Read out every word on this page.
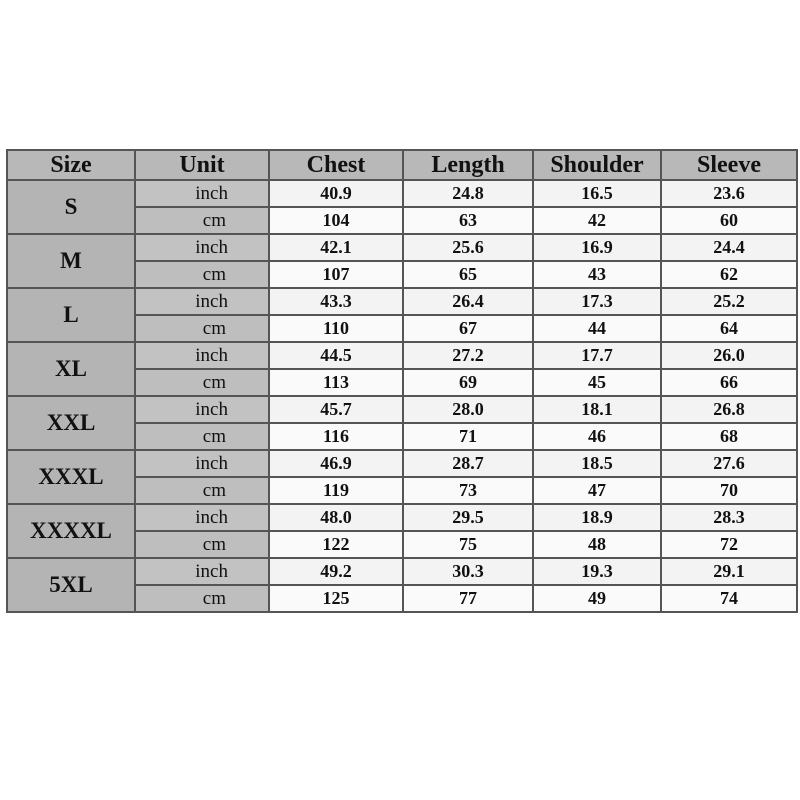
Size	Unit	Chest	Length	Shoulder	Sleeve
S	inch	40.9	24.8	16.5	23.6
	cm	104	63	42	60
M	inch	42.1	25.6	16.9	24.4
	cm	107	65	43	62
L	inch	43.3	26.4	17.3	25.2
	cm	110	67	44	64
XL	inch	44.5	27.2	17.7	26.0
	cm	113	69	45	66
XXL	inch	45.7	28.0	18.1	26.8
	cm	116	71	46	68
XXXL	inch	46.9	28.7	18.5	27.6
	cm	119	73	47	70
XXXXL	inch	48.0	29.5	18.9	28.3
	cm	122	75	48	72
5XL	inch	49.2	30.3	19.3	29.1
	cm	125	77	49	74
